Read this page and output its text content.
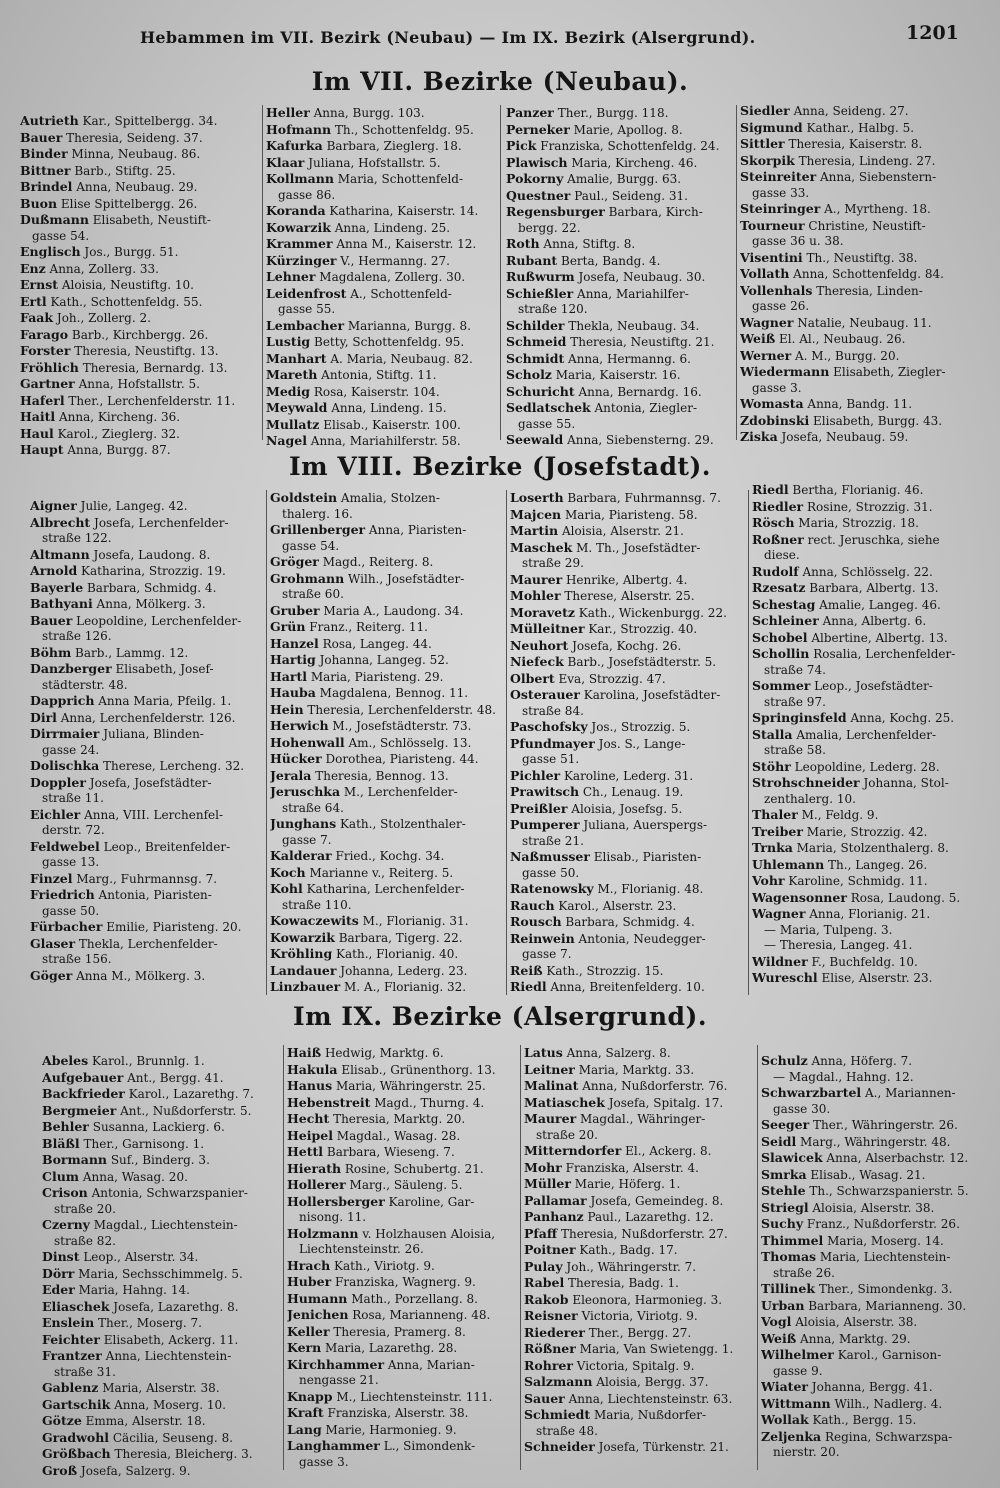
Hebammen im VII. Bezirk (Neubau) — Im IX. Bezirk (Alsergrund).	1201
Im VII. Bezirke (Neubau).
Im VIII. Bezirke (Josefstadt).
Im IX. Bezirke (Alsergrund).
Autrieth Kar., Spittelbergg. 34.
Bauer Theresia, Seideng. 37.
Binder Minna, Neubaug. 86.
Bittner Barb., Stiftg. 25.
Brindel Anna, Neubaug. 29.
Buon Elise Spittelbergg. 26.
Dußmann Elisabeth, Neustift-
gasse 54.
Englisch Jos., Burgg. 51.
Enz Anna, Zollerg. 33.
Ernst Aloisia, Neustiftg. 10.
Ertl Kath., Schottenfeldg. 55.
Faak Joh., Zollerg. 2.
Farago Barb., Kirchbergg. 26.
Forster Theresia, Neustiftg. 13.
Fröhlich Theresia, Bernardg. 13.
Gartner Anna, Hofstallstr. 5.
Haferl Ther., Lerchenfelderstr. 11.
Haitl Anna, Kircheng. 36.
Haul Karol., Zieglerg. 32.
Haupt Anna, Burgg. 87.
Heller Anna, Burgg. 103.
Hofmann Th., Schottenfeldg. 95.
Kafurka Barbara, Zieglerg. 18.
Klaar Juliana, Hofstallstr. 5.
Kollmann Maria, Schottenfeld-
gasse 86.
Koranda Katharina, Kaiserstr. 14.
Kowarzik Anna, Lindeng. 25.
Krammer Anna M., Kaiserstr. 12.
Kürzinger V., Hermanng. 27.
Lehner Magdalena, Zollerg. 30.
Leidenfrost A., Schottenfeld-
gasse 55.
Lembacher Marianna, Burgg. 8.
Lustig Betty, Schottenfeldg. 95.
Manhart A. Maria, Neubaug. 82.
Mareth Antonia, Stiftg. 11.
Medig Rosa, Kaiserstr. 104.
Meywald Anna, Lindeng. 15.
Mullatz Elisab., Kaiserstr. 100.
Nagel Anna, Mariahilferstr. 58.
Panzer Ther., Burgg. 118.
Perneker Marie, Apollog. 8.
Pick Franziska, Schottenfeldg. 24.
Plawisch Maria, Kircheng. 46.
Pokorny Amalie, Burgg. 63.
Questner Paul., Seideng. 31.
Regensburger Barbara, Kirch-
bergg. 22.
Roth Anna, Stiftg. 8.
Rubant Berta, Bandg. 4.
Rußwurm Josefa, Neubaug. 30.
Schießler Anna, Mariahilfer-
straße 120.
Schilder Thekla, Neubaug. 34.
Schmeid Theresia, Neustiftg. 21.
Schmidt Anna, Hermanng. 6.
Scholz Maria, Kaiserstr. 16.
Schuricht Anna, Bernardg. 16.
Sedlatschek Antonia, Ziegler-
gasse 55.
Seewald Anna, Siebensterng. 29.
Siedler Anna, Seideng. 27.
Sigmund Kathar., Halbg. 5.
Sittler Theresia, Kaiserstr. 8.
Skorpik Theresia, Lindeng. 27.
Steinreiter Anna, Siebenstern-
gasse 33.
Steinringer A., Myrtheng. 18.
Tourneur Christine, Neustift-
gasse 36 u. 38.
Visentini Th., Neustiftg. 38.
Vollath Anna, Schottenfeldg. 84.
Vollenhals Theresia, Linden-
gasse 26.
Wagner Natalie, Neubaug. 11.
Weiß El. Al., Neubaug. 26.
Werner A. M., Burgg. 20.
Wiedermann Elisabeth, Ziegler-
gasse 3.
Womasta Anna, Bandg. 11.
Zdobinski Elisabeth, Burgg. 43.
Ziska Josefa, Neubaug. 59.
Aigner Julie, Langeg. 42.
Albrecht Josefa, Lerchenfelder-
straße 122.
Altmann Josefa, Laudong. 8.
Arnold Katharina, Strozzig. 19.
Bayerle Barbara, Schmidg. 4.
Bathyani Anna, Mölkerg. 3.
Bauer Leopoldine, Lerchenfelder-
straße 126.
Böhm Barb., Lammg. 12.
Danzberger Elisabeth, Josef-
städterstr. 48.
Dapprich Anna Maria, Pfeilg. 1.
Dirl Anna, Lerchenfelderstr. 126.
Dirrmaier Juliana, Blinden-
gasse 24.
Dolischka Therese, Lercheng. 32.
Doppler Josefa, Josefstädter-
straße 11.
Eichler Anna, VIII. Lerchenfel-
derstr. 72.
Feldwebel Leop., Breitenfelder-
gasse 13.
Finzel Marg., Fuhrmannsg. 7.
Friedrich Antonia, Piaristen-
gasse 50.
Fürbacher Emilie, Piaristeng. 20.
Glaser Thekla, Lerchenfelder-
straße 156.
Göger Anna M., Mölkerg. 3.
Goldstein Amalia, Stolzen-
thalerg. 16.
Grillenberger Anna, Piaristen-
gasse 54.
Gröger Magd., Reiterg. 8.
Grohmann Wilh., Josefstädter-
straße 60.
Gruber Maria A., Laudong. 34.
Grün Franz., Reiterg. 11.
Hanzel Rosa, Langeg. 44.
Hartig Johanna, Langeg. 52.
Hartl Maria, Piaristeng. 29.
Hauba Magdalena, Bennog. 11.
Hein Theresia, Lerchenfelderstr. 48.
Herwich M., Josefstädterstr. 73.
Hohenwall Am., Schlösselg. 13.
Hücker Dorothea, Piaristeng. 44.
Jerala Theresia, Bennog. 13.
Jeruschka M., Lerchenfelder-
straße 64.
Junghans Kath., Stolzenthaler-
gasse 7.
Kalderar Fried., Kochg. 34.
Koch Marianne v., Reiterg. 5.
Kohl Katharina, Lerchenfelder-
straße 110.
Kowaczewits M., Florianig. 31.
Kowarzik Barbara, Tigerg. 22.
Kröhling Kath., Florianig. 40.
Landauer Johanna, Lederg. 23.
Linzbauer M. A., Florianig. 32.
Loserth Barbara, Fuhrmannsg. 7.
Majcen Maria, Piaristeng. 58.
Martin Aloisia, Alserstr. 21.
Maschek M. Th., Josefstädter-
straße 29.
Maurer Henrike, Albertg. 4.
Mohler Therese, Alserstr. 25.
Moravetz Kath., Wickenburgg. 22.
Mülleitner Kar., Strozzig. 40.
Neuhort Josefa, Kochg. 26.
Niefeck Barb., Josefstädterstr. 5.
Olbert Eva, Strozzig. 47.
Osterauer Karolina, Josefstädter-
straße 84.
Paschofsky Jos., Strozzig. 5.
Pfundmayer Jos. S., Lange-
gasse 51.
Pichler Karoline, Lederg. 31.
Prawitsch Ch., Lenaug. 19.
Preißler Aloisia, Josefsg. 5.
Pumperer Juliana, Auerspergs-
straße 21.
Naßmusser Elisab., Piaristen-
gasse 50.
Ratenowsky M., Florianig. 48.
Rauch Karol., Alserstr. 23.
Rousch Barbara, Schmidg. 4.
Reinwein Antonia, Neudegger-
gasse 7.
Reiß Kath., Strozzig. 15.
Riedl Anna, Breitenfelderg. 10.
Riedl Bertha, Florianig. 46.
Riedler Rosine, Strozzig. 31.
Rösch Maria, Strozzig. 18.
Roßner rect. Jeruschka, siehe
diese.
Rudolf Anna, Schlösselg. 22.
Rzesatz Barbara, Albertg. 13.
Schestag Amalie, Langeg. 46.
Schleiner Anna, Albertg. 6.
Schobel Albertine, Albertg. 13.
Schollin Rosalia, Lerchenfelder-
straße 74.
Sommer Leop., Josefstädter-
straße 97.
Springinsfeld Anna, Kochg. 25.
Stalla Amalia, Lerchenfelder-
straße 58.
Stöhr Leopoldine, Lederg. 28.
Strohschneider Johanna, Stol-
zenthalerg. 10.
Thaler M., Feldg. 9.
Treiber Marie, Strozzig. 42.
Trnka Maria, Stolzenthalerg. 8.
Uhlemann Th., Langeg. 26.
Vohr Karoline, Schmidg. 11.
Wagensonner Rosa, Laudong. 5.
Wagner Anna, Florianig. 21.
— Maria, Tulpeng. 3.
— Theresia, Langeg. 41.
Wildner F., Buchfeldg. 10.
Wureschl Elise, Alserstr. 23.
Abeles Karol., Brunnlg. 1.
Aufgebauer Ant., Bergg. 41.
Backfrieder Karol., Lazarethg. 7.
Bergmeier Ant., Nußdorferstr. 5.
Behler Susanna, Lackierg. 6.
Bläßl Ther., Garnisong. 1.
Bormann Suf., Binderg. 3.
Clum Anna, Wasag. 20.
Crison Antonia, Schwarzspanier-
straße 20.
Czerny Magdal., Liechtenstein-
straße 82.
Dinst Leop., Alserstr. 34.
Dörr Maria, Sechsschimmelg. 5.
Eder Maria, Hahng. 14.
Eliaschek Josefa, Lazarethg. 8.
Enslein Ther., Moserg. 7.
Feichter Elisabeth, Ackerg. 11.
Frantzer Anna, Liechtenstein-
straße 31.
Gablenz Maria, Alserstr. 38.
Gartschik Anna, Moserg. 10.
Götze Emma, Alserstr. 18.
Gradwohl Cäcilia, Seuseng. 8.
Größbach Theresia, Bleicherg. 3.
Groß Josefa, Salzerg. 9.
Haiß Hedwig, Marktg. 6.
Hakula Elisab., Grünenthorg. 13.
Hanus Maria, Währingerstr. 25.
Hebenstreit Magd., Thurng. 4.
Hecht Theresia, Marktg. 20.
Heipel Magdal., Wasag. 28.
Hettl Barbara, Wieseng. 7.
Hierath Rosine, Schubertg. 21.
Hollerer Marg., Säuleng. 5.
Hollersberger Karoline, Gar-
nisong. 11.
Holzmann v. Holzhausen Aloisia,
Liechtensteinstr. 26.
Hrach Kath., Viriotg. 9.
Huber Franziska, Wagnerg. 9.
Humann Math., Porzellang. 8.
Jenichen Rosa, Marianneng. 48.
Keller Theresia, Pramerg. 8.
Kern Maria, Lazarethg. 28.
Kirchhammer Anna, Marian-
nengasse 21.
Knapp M., Liechtensteinstr. 111.
Kraft Franziska, Alserstr. 38.
Lang Marie, Harmonieg. 9.
Langhammer L., Simondenk-
gasse 3.
Latus Anna, Salzerg. 8.
Leitner Maria, Marktg. 33.
Malinat Anna, Nußdorferstr. 76.
Matiaschek Josefa, Spitalg. 17.
Maurer Magdal., Währinger-
straße 20.
Mitterndorfer El., Ackerg. 8.
Mohr Franziska, Alserstr. 4.
Müller Marie, Höferg. 1.
Pallamar Josefa, Gemeindeg. 8.
Panhanz Paul., Lazarethg. 12.
Pfaff Theresia, Nußdorferstr. 27.
Poitner Kath., Badg. 17.
Pulay Joh., Währingerstr. 7.
Rabel Theresia, Badg. 1.
Rakob Eleonora, Harmonieg. 3.
Reisner Victoria, Viriotg. 9.
Riederer Ther., Bergg. 27.
Rößner Maria, Van Swietengg. 1.
Rohrer Victoria, Spitalg. 9.
Salzmann Aloisia, Bergg. 37.
Sauer Anna, Liechtensteinstr. 63.
Schmiedt Maria, Nußdorfer-
straße 48.
Schneider Josefa, Türkenstr. 21.
Schulz Anna, Höferg. 7.
— Magdal., Hahng. 12.
Schwarzbartel A., Mariannen-
gasse 30.
Seeger Ther., Währingerstr. 26.
Seidl Marg., Währingerstr. 48.
Slawicek Anna, Alserbachstr. 12.
Smrka Elisab., Wasag. 21.
Stehle Th., Schwarzspanierstr. 5.
Striegl Aloisia, Alserstr. 38.
Suchy Franz., Nußdorferstr. 26.
Thimmel Maria, Moserg. 14.
Thomas Maria, Liechtenstein-
straße 26.
Tillinek Ther., Simondenkg. 3.
Urban Barbara, Marianneng. 30.
Vogl Aloisia, Alserstr. 38.
Weiß Anna, Marktg. 29.
Wilhelmer Karol., Garnison-
gasse 9.
Wiater Johanna, Bergg. 41.
Wittmann Wilh., Nadlerg. 4.
Wollak Kath., Bergg. 15.
Zeljenka Regina, Schwarzspa-
nierstr. 20.
